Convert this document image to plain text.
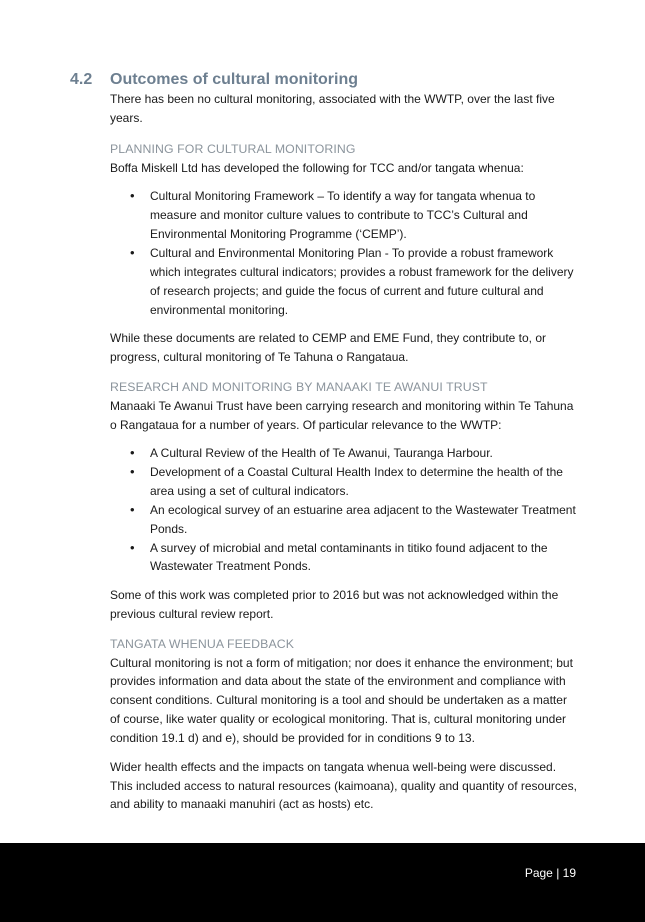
4.2 Outcomes of cultural monitoring

There has been no cultural monitoring, associated with the WWTP, over the last five years.

PLANNING FOR CULTURAL MONITORING

Boffa Miskell Ltd has developed the following for TCC and/or tangata whenua:

• Cultural Monitoring Framework – To identify a way for tangata whenua to measure and monitor culture values to contribute to TCC’s Cultural and Environmental Monitoring Programme (‘CEMP’).
• Cultural and Environmental Monitoring Plan - To provide a robust framework which integrates cultural indicators; provides a robust framework for the delivery of research projects; and guide the focus of current and future cultural and environmental monitoring.

While these documents are related to CEMP and EME Fund, they contribute to, or progress, cultural monitoring of Te Tahuna o Rangataua.

RESEARCH AND MONITORING BY MANAAKI TE AWANUI TRUST

Manaaki Te Awanui Trust have been carrying research and monitoring within Te Tahuna o Rangataua for a number of years. Of particular relevance to the WWTP:

• A Cultural Review of the Health of Te Awanui, Tauranga Harbour.
• Development of a Coastal Cultural Health Index to determine the health of the area using a set of cultural indicators.
• An ecological survey of an estuarine area adjacent to the Wastewater Treatment Ponds.
• A survey of microbial and metal contaminants in titiko found adjacent to the Wastewater Treatment Ponds.

Some of this work was completed prior to 2016 but was not acknowledged within the previous cultural review report.

TANGATA WHENUA FEEDBACK

Cultural monitoring is not a form of mitigation; nor does it enhance the environment; but provides information and data about the state of the environment and compliance with consent conditions. Cultural monitoring is a tool and should be undertaken as a matter of course, like water quality or ecological monitoring. That is, cultural monitoring under condition 19.1 d) and e), should be provided for in conditions 9 to 13.

Wider health effects and the impacts on tangata whenua well-being were discussed. This included access to natural resources (kaimoana), quality and quantity of resources, and ability to manaaki manuhiri (act as hosts) etc.

Page | 19
